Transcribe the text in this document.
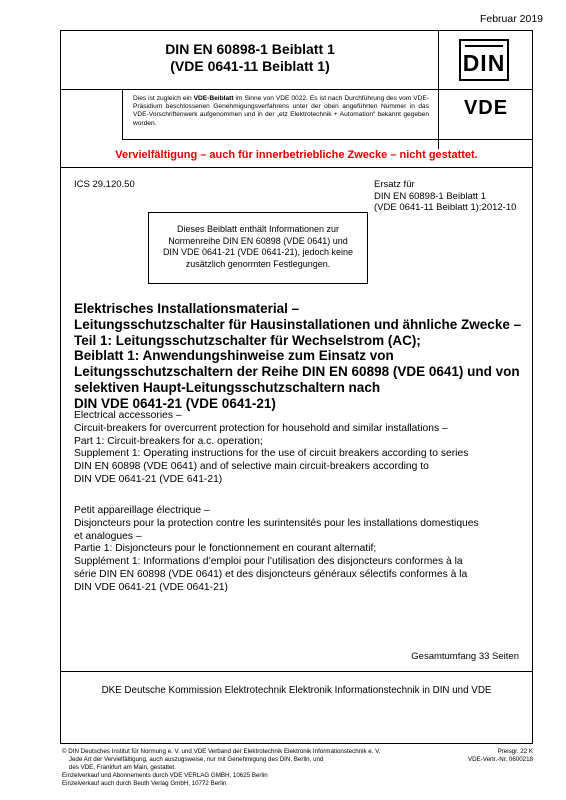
Februar 2019
DIN EN 60898-1 Beiblatt 1
(VDE 0641-11 Beiblatt 1)	DIN
Dies ist zugleich ein VDE-Beiblatt im Sinne von VDE 0022. Es ist nach Durchführung des vom VDE-Präsidium beschlossenen Genehmigungsverfahrens unter der oben angeführten Nummer in das VDE-Vorschriftenwerk aufgenommen und in der „etz Elektrotechnik + Automation“ bekannt gegeben worden.
VDE
Vervielfältigung – auch für innerbetriebliche Zwecke – nicht gestattet.
ICS 29.120.50	Ersatz für
DIN EN 60898-1 Beiblatt 1
(VDE 0641-11 Beiblatt 1):2012-10
Dieses Beiblatt enthält Informationen zur
Normenreihe DIN EN 60898 (VDE 0641) und
DIN VDE 0641-21 (VDE 0641-21), jedoch keine
zusätzlich genormten Festlegungen.
Elektrisches Installationsmaterial –
Leitungsschutzschalter für Hausinstallationen und ähnliche Zwecke –
Teil 1: Leitungsschutzschalter für Wechselstrom (AC);
Beiblatt 1: Anwendungshinweise zum Einsatz von
Leitungsschutzschaltern der Reihe DIN EN 60898 (VDE 0641) und von
selektiven Haupt-Leitungsschutzschaltern nach
DIN VDE 0641-21 (VDE 0641-21)
Electrical accessories –
Circuit-breakers for overcurrent protection for household and similar installations –
Part 1: Circuit-breakers for a.c. operation;
Supplement 1: Operating instructions for the use of circuit breakers according to series
DIN EN 60898 (VDE 0641) and of selective main circuit-breakers according to
DIN VDE 0641-21 (VDE 641-21)
Petit appareillage électrique –
Disjoncteurs pour la protection contre les surintensités pour les installations domestiques
et analogues –
Partie 1: Disjoncteurs pour le fonctionnement en courant alternatif;
Supplément 1: Informations d’emploi pour l’utilisation des disjoncteurs conformes à la
série DIN EN 60898 (VDE 0641) et des disjoncteurs généraux sélectifs conformes à la
DIN VDE 0641-21 (VDE 0641-21)
Gesamtumfang 33 Seiten
DKE Deutsche Kommission Elektrotechnik Elektronik Informationstechnik in DIN und VDE
© DIN Deutsches Institut für Normung e. V. und VDE Verband der Elektrotechnik Elektronik Informationstechnik e. V.
Jede Art der Vervielfältigung, auch auszugsweise, nur mit Genehmigung des DIN, Berlin, und
des VDE, Frankfurt am Main, gestattet.
Einzelverkauf und Abonnements durch VDE VERLAG GMBH, 10625 Berlin
Einzelverkauf auch durch Beuth Verlag GmbH, 10772 Berlin
Preisgr. 22 K
VDE-Vertr.-Nr. 0600218
